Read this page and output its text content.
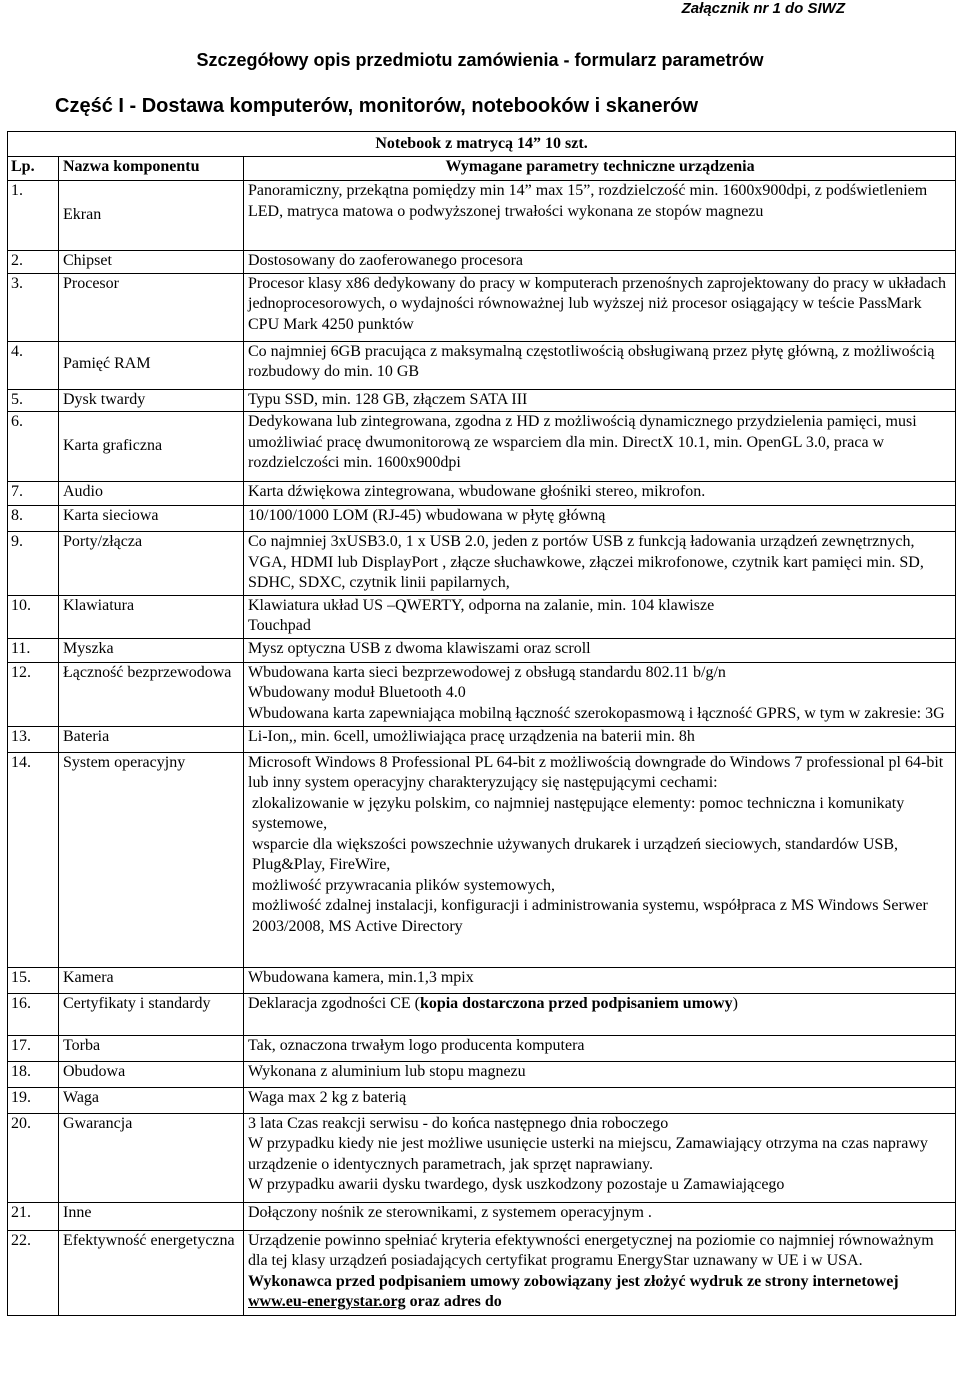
Załącznik nr 1 do SIWZ
Szczegółowy opis przedmiotu zamówienia - formularz parametrów
Część I - Dostawa komputerów, monitorów, notebooków i skanerów
Notebook z matrycą 14” 10 szt.		
Lp.	Nazwa komponentu	Wymagane parametry techniczne urządzenia
1.	Ekran	Panoramiczny, przekątna pomiędzy min 14” max 15”, rozdzielczość min. 1600x900dpi, z podświetleniem LED, matryca matowa o podwyższonej trwałości wykonana ze stopów magnezu

2.	Chipset	Dostosowany do zaoferowanego procesora

3.	Procesor	Procesor klasy x86 dedykowany do pracy w komputerach przenośnych zaprojektowany do pracy w układach jednoprocesorowych, o wydajności równoważnej lub wyższej niż procesor osiągający w teście PassMark CPU Mark 4250 punktów

4.	Pamięć RAM	Co najmniej 6GB pracująca z maksymalną częstotliwością obsługiwaną przez płytę główną, z możliwością rozbudowy do min. 10 GB

5.	Dysk twardy	Typu SSD, min. 128 GB, złączem SATA III

6.	Karta graficzna	Dedykowana lub zintegrowana, zgodna z HD z możliwością dynamicznego przydzielenia pamięci, musi umożliwiać pracę dwumonitorową ze wsparciem dla min. DirectX 10.1, min. OpenGL 3.0, praca w rozdzielczości min. 1600x900dpi

7.	Audio	Karta dźwiękowa zintegrowana, wbudowane głośniki stereo, mikrofon.

8.	Karta sieciowa	10/100/1000 LOM (RJ-45) wbudowana w płytę główną

9.	Porty/złącza	Co najmniej 3xUSB3.0, 1 x USB 2.0, jeden z portów USB z funkcją ładowania urządzeń zewnętrznych, VGA, HDMI lub DisplayPort , złącze słuchawkowe, złączei mikrofonowe, czytnik kart pamięci min. SD, SDHC, SDXC, czytnik linii papilarnych,

10.	Klawiatura	Klawiatura układ US –QWERTY, odporna na zalanie, min. 104 klawisze
Touchpad

11.	Myszka	Mysz optyczna USB z dwoma klawiszami oraz scroll

12.	Łączność bezprzewodowa	Wbudowana karta sieci bezprzewodowej z obsługą standardu 802.11 b/g/n
Wbudowany moduł Bluetooth 4.0
Wbudowana karta zapewniająca mobilną łączność szerokopasmową i łączność GPRS, w tym w zakresie: 3G

13.	Bateria	Li-Ion,, min. 6cell, umożliwiająca pracę urządzenia na baterii min. 8h

14.	System operacyjny	Microsoft Windows 8 Professional PL 64-bit z możliwością downgrade do Windows 7 professional pl 64-bit lub inny system operacyjny charakteryzujący się następującymi cechami:
zlokalizowanie w języku polskim, co najmniej następujące elementy: pomoc techniczna i komunikaty systemowe,
wsparcie dla większości powszechnie używanych drukarek i urządzeń sieciowych, standardów USB, Plug&Play, FireWire,
możliwość przywracania plików systemowych,
możliwość zdalnej instalacji, konfiguracji i administrowania systemu, współpraca z MS Windows Serwer 2003/2008, MS Active Directory

15.	Kamera	Wbudowana kamera, min.1,3 mpix

16.	Certyfikaty i standardy	Deklaracja zgodności CE (kopia dostarczona przed podpisaniem umowy)
17.	Torba	Tak, oznaczona trwałym logo producenta komputera

18.	Obudowa	Wykonana z aluminium lub stopu magnezu

19.	Waga	Waga max 2 kg z baterią

20.	Gwarancja	3 lata Czas reakcji serwisu - do końca następnego dnia roboczego
W przypadku kiedy nie jest możliwe usunięcie usterki na miejscu, Zamawiający otrzyma na czas naprawy urządzenie o identycznych parametrach, jak sprzęt naprawiany.
W przypadku awarii dysku twardego, dysk uszkodzony pozostaje u Zamawiającego

21.	Inne	Dołączony nośnik ze sterownikami, z systemem operacyjnym .

22.	Efektywność energetyczna	Urządzenie powinno spełniać kryteria efektywności energetycznej na poziomie co najmniej równoważnym dla tej klasy urządzeń posiadających certyfikat programu EnergyStar uznawany w UE i w USA. Wykonawca przed podpisaniem umowy zobowiązany jest złożyć wydruk ze strony internetowej www.eu-energystar.org oraz adres do
